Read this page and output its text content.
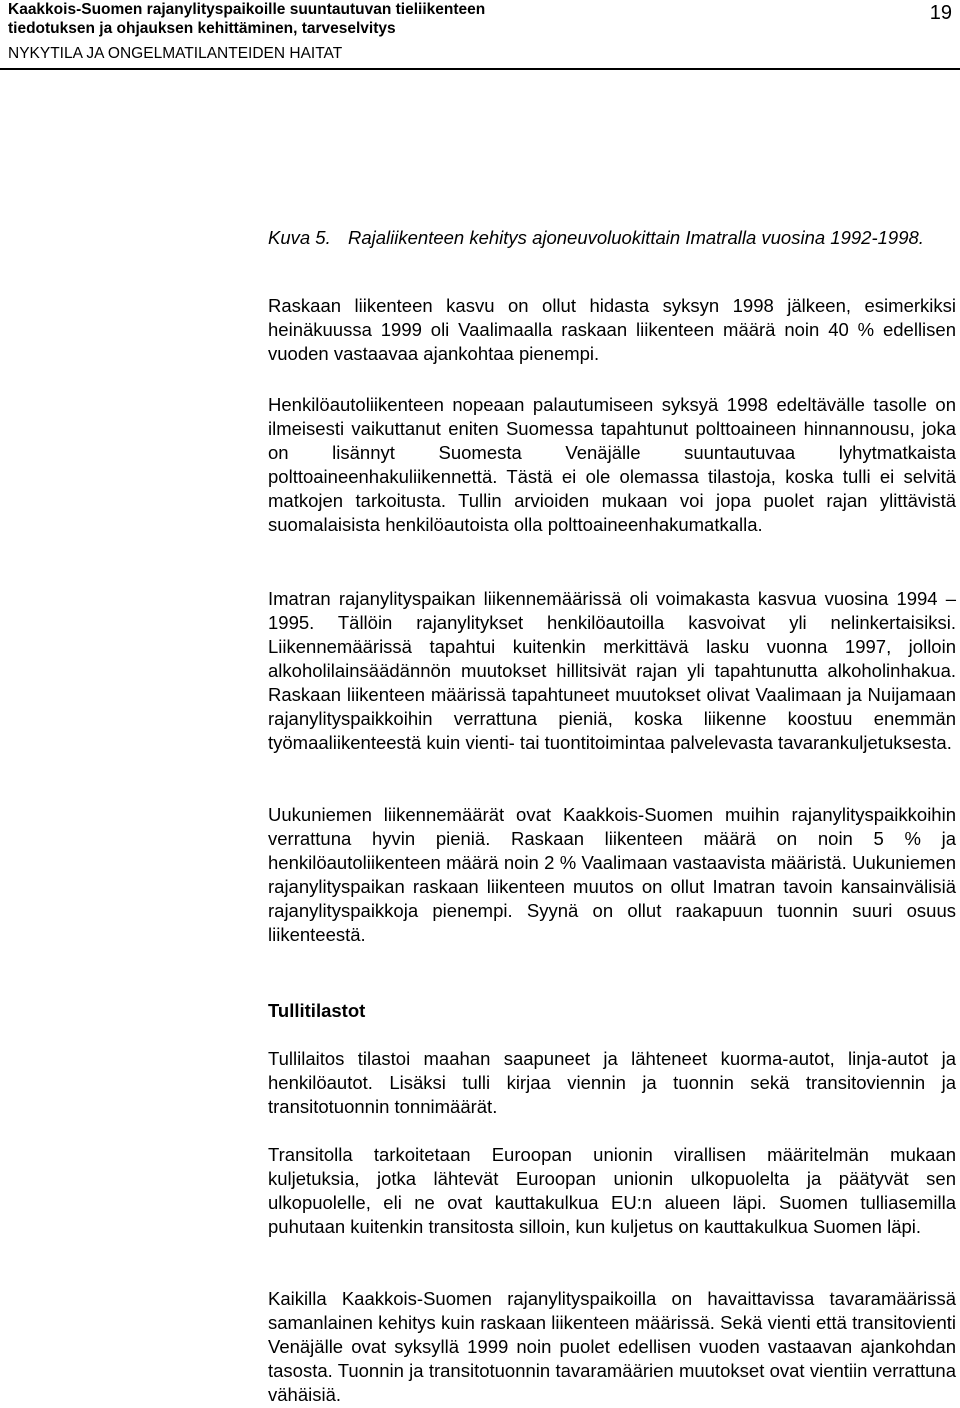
Kaakkois-Suomen rajanylityspaikoille suuntautuvan tieliikenteen
tiedotuksen ja ohjauksen kehittäminen, tarveselvitys
NYKYTILA JA ONGELMATILANTEIDEN HAITAT
19
Kuva 5. Rajaliikenteen kehitys ajoneuvoluokittain Imatralla vuosina 1992-1998.

Raskaan liikenteen kasvu on ollut hidasta syksyn 1998 jälkeen, esimerkiksi heinäkuussa 1999 oli Vaalimaalla raskaan liikenteen määrä noin 40 % edellisen vuoden vastaavaa ajankohtaa pienempi.

Henkilöautoliikenteen nopeaan palautumiseen syksyä 1998 edeltävälle tasolle on ilmeisesti vaikuttanut eniten Suomessa tapahtunut polttoaineen hinnannousu, joka on lisännyt Suomesta Venäjälle suuntautuvaa lyhytmatkaista polttoaineenhakuliikennettä. Tästä ei ole olemassa tilastoja, koska tulli ei selvitä matkojen tarkoitusta. Tullin arvioiden mukaan voi jopa puolet rajan ylittävistä suomalaisista henkilöautoista olla polttoaineenhakumatkalla.

Imatran rajanylityspaikan liikennemäärissä oli voimakasta kasvua vuosina 1994 – 1995. Tällöin rajanylitykset henkilöautoilla kasvoivat yli nelinkertaisiksi. Liikennemäärissä tapahtui kuitenkin merkittävä lasku vuonna 1997, jolloin alkoholilainsäädännön muutokset hillitsivät rajan yli tapahtunutta alkoholinhakua. Raskaan liikenteen määrissä tapahtuneet muutokset olivat Vaalimaan ja Nuijamaan rajanylityspaikkoihin verrattuna pieniä, koska liikenne koostuu enemmän työmaaliikenteestä kuin vienti- tai tuontitoimintaa palvelevasta tavarankuljetuksesta.

Uukuniemen liikennemäärät ovat Kaakkois-Suomen muihin rajanylityspaikkoihin verrattuna hyvin pieniä. Raskaan liikenteen määrä on noin 5 % ja henkilöautoliikenteen määrä noin 2 % Vaalimaan vastaavista määristä. Uukuniemen rajanylityspaikan raskaan liikenteen muutos on ollut Imatran tavoin kansainvälisiä rajanylityspaikkoja pienempi. Syynä on ollut raakapuun tuonnin suuri osuus liikenteestä.

Tullitilastot

Tullilaitos tilastoi maahan saapuneet ja lähteneet kuorma-autot, linja-autot ja henkilöautot. Lisäksi tulli kirjaa viennin ja tuonnin sekä transitoviennin ja transitotuonnin tonnimäärät.

Transitolla tarkoitetaan Euroopan unionin virallisen määritelmän mukaan kuljetuksia, jotka lähtevät Euroopan unionin ulkopuolelta ja päätyvät sen ulkopuolelle, eli ne ovat kauttakulkua EU:n alueen läpi. Suomen tulliasemilla puhutaan kuitenkin transitosta silloin, kun kuljetus on kauttakulkua Suomen läpi.

Kaikilla Kaakkois-Suomen rajanylityspaikoilla on havaittavissa tavaramäärissä samanlainen kehitys kuin raskaan liikenteen määrissä. Sekä vienti että transitovienti Venäjälle ovat syksyllä 1999 noin puolet edellisen vuoden vastaavan ajankohdan tasosta. Tuonnin ja transitotuonnin tavaramäärien muutokset ovat vientiin verrattuna vähäisiä.
